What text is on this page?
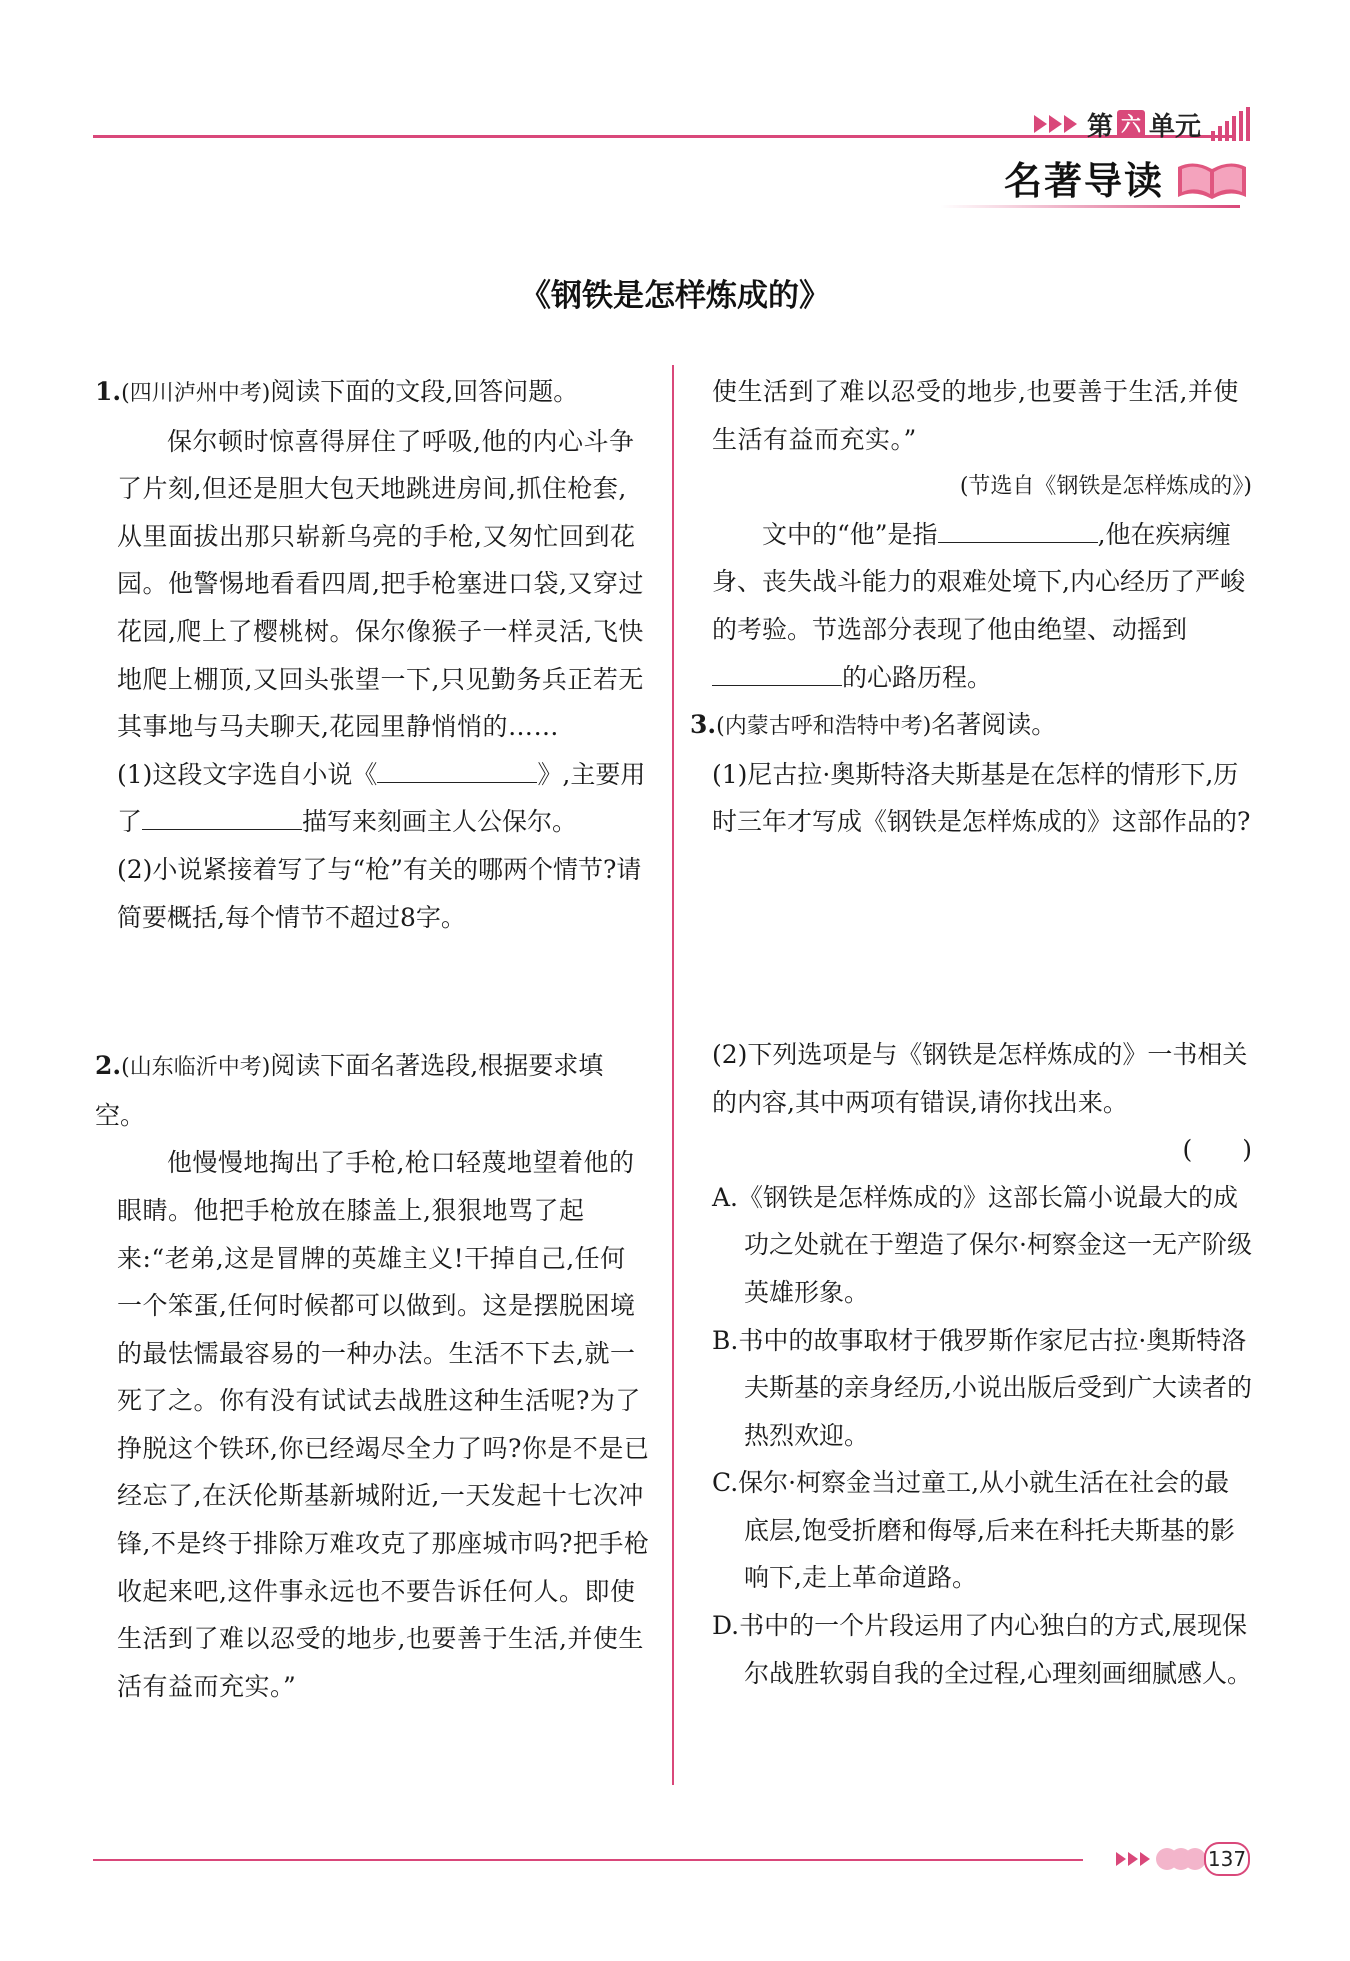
第 六 单元
名著导读
《钢铁是怎样炼成的》

1.(四川泸州中考)阅读下面的文段,回答问题。

保尔顿时惊喜得屏住了呼吸,他的内心斗争了片刻,但还是胆大包天地跳进房间,抓住枪套,从里面拔出那只崭新乌亮的手枪,又匆忙回到花园。他警惕地看看四周,把手枪塞进口袋,又穿过花园,爬上了樱桃树。保尔像猴子一样灵活,飞快地爬上棚顶,又回头张望一下,只见勤务兵正若无其事地与马夫聊天,花园里静悄悄的……

(1)这段文字选自小说《	》,主要用了	描写来刻画主人公保尔。

(2)小说紧接着写了与“枪”有关的哪两个情节?请简要概括,每个情节不超过8字。

2.(山东临沂中考)阅读下面名著选段,根据要求填空。

他慢慢地掏出了手枪,枪口轻蔑地望着他的眼睛。他把手枪放在膝盖上,狠狠地骂了起来:“老弟,这是冒牌的英雄主义!干掉自己,任何一个笨蛋,任何时候都可以做到。这是摆脱困境的最怯懦最容易的一种办法。生活不下去,就一死了之。你有没有试试去战胜这种生活呢?为了挣脱这个铁环,你已经竭尽全力了吗?你是不是已经忘了,在沃伦斯基新城附近,一天发起十七次冲锋,不是终于排除万难攻克了那座城市吗?把手枪收起来吧,这件事永远也不要告诉任何人。即使生活到了难以忍受的地步,也要善于生活,并使生活有益而充实。”

使生活到了难以忍受的地步,也要善于生活,并使生活有益而充实。”

(节选自《钢铁是怎样炼成的》)

文中的“他”是指	,他在疾病缠身、丧失战斗能力的艰难处境下,内心经历了严峻的考验。节选部分表现了他由绝望、动摇到的心路历程。

3.(内蒙古呼和浩特中考)名著阅读。

(1)尼古拉·奥斯特洛夫斯基是在怎样的情形下,历时三年才写成《钢铁是怎样炼成的》这部作品的?

(2)下列选项是与《钢铁是怎样炼成的》一书相关的内容,其中两项有错误,请你找出来。

(　　)

A.《钢铁是怎样炼成的》这部长篇小说最大的成功之处就在于塑造了保尔·柯察金这一无产阶级英雄形象。

B.书中的故事取材于俄罗斯作家尼古拉·奥斯特洛夫斯基的亲身经历,小说出版后受到广大读者的热烈欢迎。

C.保尔·柯察金当过童工,从小就生活在社会的最底层,饱受折磨和侮辱,后来在科托夫斯基的影响下,走上革命道路。

D.书中的一个片段运用了内心独白的方式,展现保尔战胜软弱自我的全过程,心理刻画细腻感人。

137
